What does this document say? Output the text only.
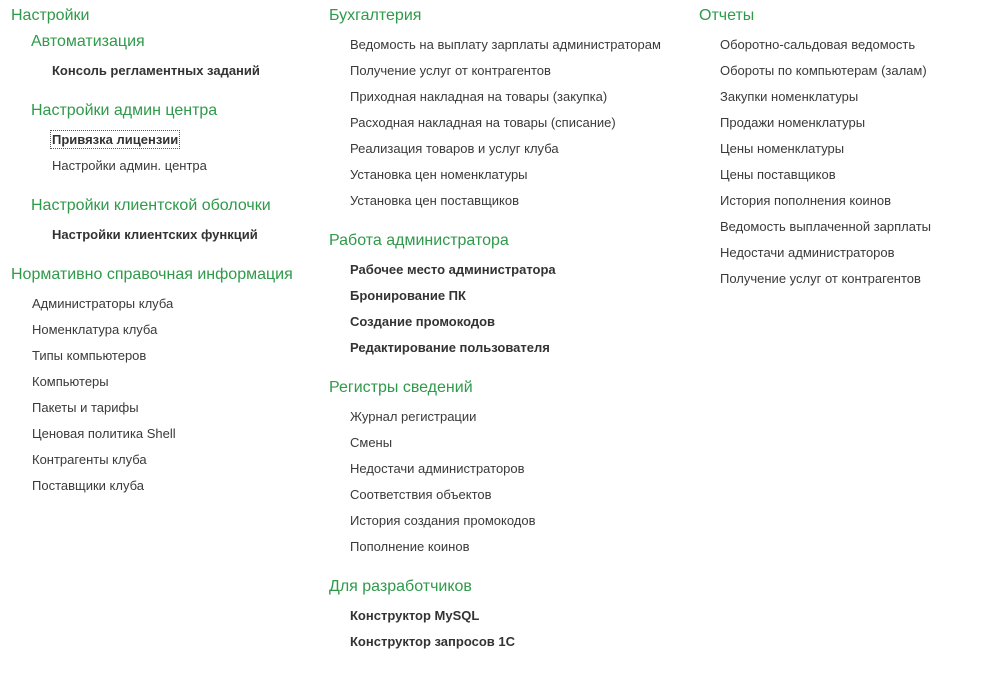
Настройки
Автоматизация
Консоль регламентных заданий
Настройки админ центра
Привязка лицензии
Настройки админ. центра
Настройки клиентской оболочки
Настройки клиентских функций
Нормативно справочная информация
Администраторы клуба
Номенклатура клуба
Типы компьютеров
Компьютеры
Пакеты и тарифы
Ценовая политика Shell
Контрагенты клуба
Поставщики клуба
Бухгалтерия
Ведомость на выплату зарплаты администраторам
Получение услуг от контрагентов
Приходная накладная на товары (закупка)
Расходная накладная на товары (списание)
Реализация товаров и услуг клуба
Установка цен номенклатуры
Установка цен поставщиков
Работа администратора
Рабочее место администратора
Бронирование ПК
Создание промокодов
Редактирование пользователя
Регистры сведений
Журнал регистрации
Смены
Недостачи администраторов
Соответствия объектов
История создания промокодов
Пополнение коинов
Для разработчиков
Конструктор MySQL
Конструктор запросов 1С
Отчеты
Оборотно-сальдовая ведомость
Обороты по компьютерам (залам)
Закупки номенклатуры
Продажи номенклатуры
Цены номенклатуры
Цены поставщиков
История пополнения коинов
Ведомость выплаченной зарплаты
Недостачи администраторов
Получение услуг от контрагентов
